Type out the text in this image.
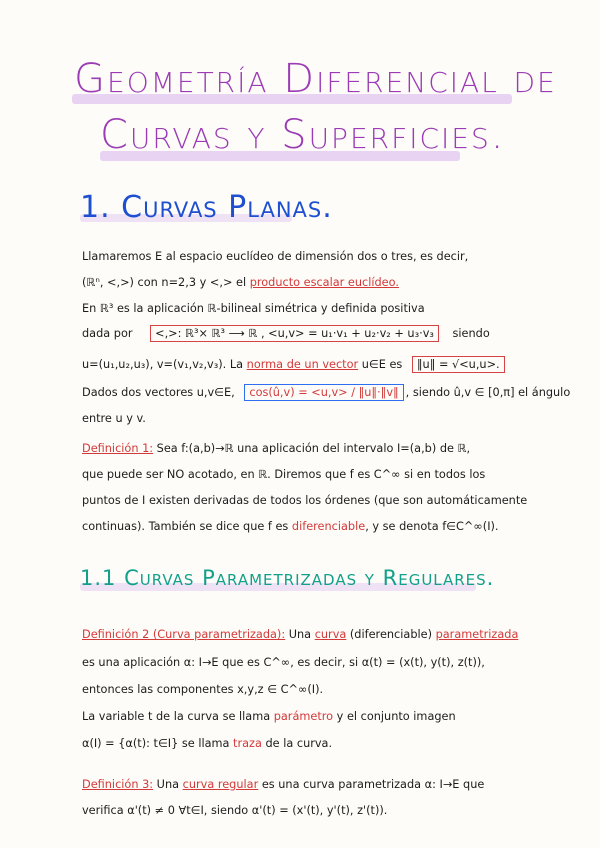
Geometría Diferencial de
Curvas y Superficies.
1. Curvas Planas.
Llamaremos E al espacio euclídeo de dimensión dos o tres, es decir,
(ℝⁿ, <,>) con n=2,3 y <,> el producto escalar euclídeo.
En ℝ³ es la aplicación ℝ-bilineal simétrica y definida positiva
dada por <,>: ℝ³× ℝ³ ⟶ ℝ , <u,v> = u₁·v₁ + u₂·v₂ + u₃·v₃ siendo
u=(u₁,u₂,u₃), v=(v₁,v₂,v₃). La norma de un vector u∈E es ‖u‖ = √<u,u>.
Dados dos vectores u,v∈E, cos(û,v) = <u,v> / ‖u‖·‖v‖ , siendo û,v ∈ [0,π] el ángulo
entre u y v.
Definición 1: Sea f:(a,b)→ℝ una aplicación del intervalo I=(a,b) de ℝ,
que puede ser NO acotado, en ℝ. Diremos que f es C^∞ si en todos los
puntos de I existen derivadas de todos los órdenes (que son automáticamente
continuas). También se dice que f es diferenciable, y se denota f∈C^∞(I).
1.1 Curvas Parametrizadas y Regulares.
Definición 2 (Curva parametrizada): Una curva (diferenciable) parametrizada
es una aplicación α: I→E que es C^∞, es decir, si α(t) = (x(t), y(t), z(t)),
entonces las componentes x,y,z ∈ C^∞(I).
La variable t de la curva se llama parámetro y el conjunto imagen
α(I) = {α(t): t∈I} se llama traza de la curva.
Definición 3: Una curva regular es una curva parametrizada α: I→E que
verifica α'(t) ≠ 0 ∀t∈I, siendo α'(t) = (x'(t), y'(t), z'(t)).
